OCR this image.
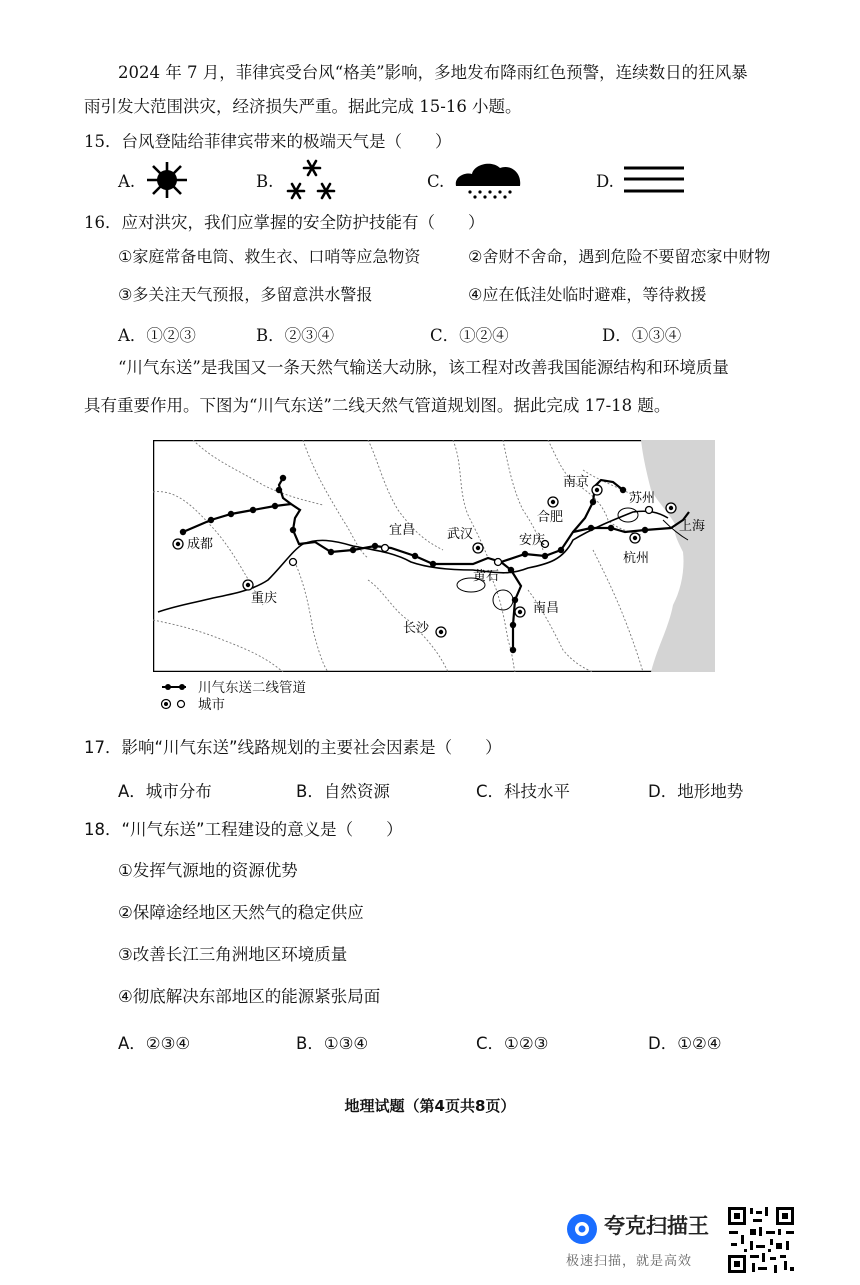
2024 年 7 月，菲律宾受台风“格美”影响，多地发布降雨红色预警，连续数日的狂风暴
雨引发大范围洪灾，经济损失严重。据此完成 15-16 小题。
15．台风登陆给菲律宾带来的极端天气是（　　）
A.	B.	C.	D.
16．应对洪灾，我们应掌握的安全防护技能有（　　）
①家庭常备电筒、救生衣、口哨等应急物资	②舍财不舍命，遇到危险不要留恋家中财物
③多关注天气预报，多留意洪水警报	④应在低洼处临时避难，等待救援
A．①②③	B．②③④	C．①②④	D．①③④
“川气东送”是我国又一条天然气输送大动脉，该工程对改善我国能源结构和环境质量
具有重要作用。下图为“川气东送”二线天然气管道规划图。据此完成 17-18 题。
南京
苏州
合肥
上海
成都
宜昌 武汉	安庆
杭州
重庆
黄石
南昌
长沙
川气东送二线管道
城市
17．影响“川气东送”线路规划的主要社会因素是（　　）
A．城市分布	B．自然资源	C．科技水平	D．地形地势
18．“川气东送”工程建设的意义是（　　）
①发挥气源地的资源优势
②保障途经地区天然气的稳定供应
③改善长江三角洲地区环境质量
④彻底解决东部地区的能源紧张局面
A．②③④	B．①③④	C．①②③	D．①②④
地理试题（第4页共8页）
夸克扫描王
极速扫描，就是高效
